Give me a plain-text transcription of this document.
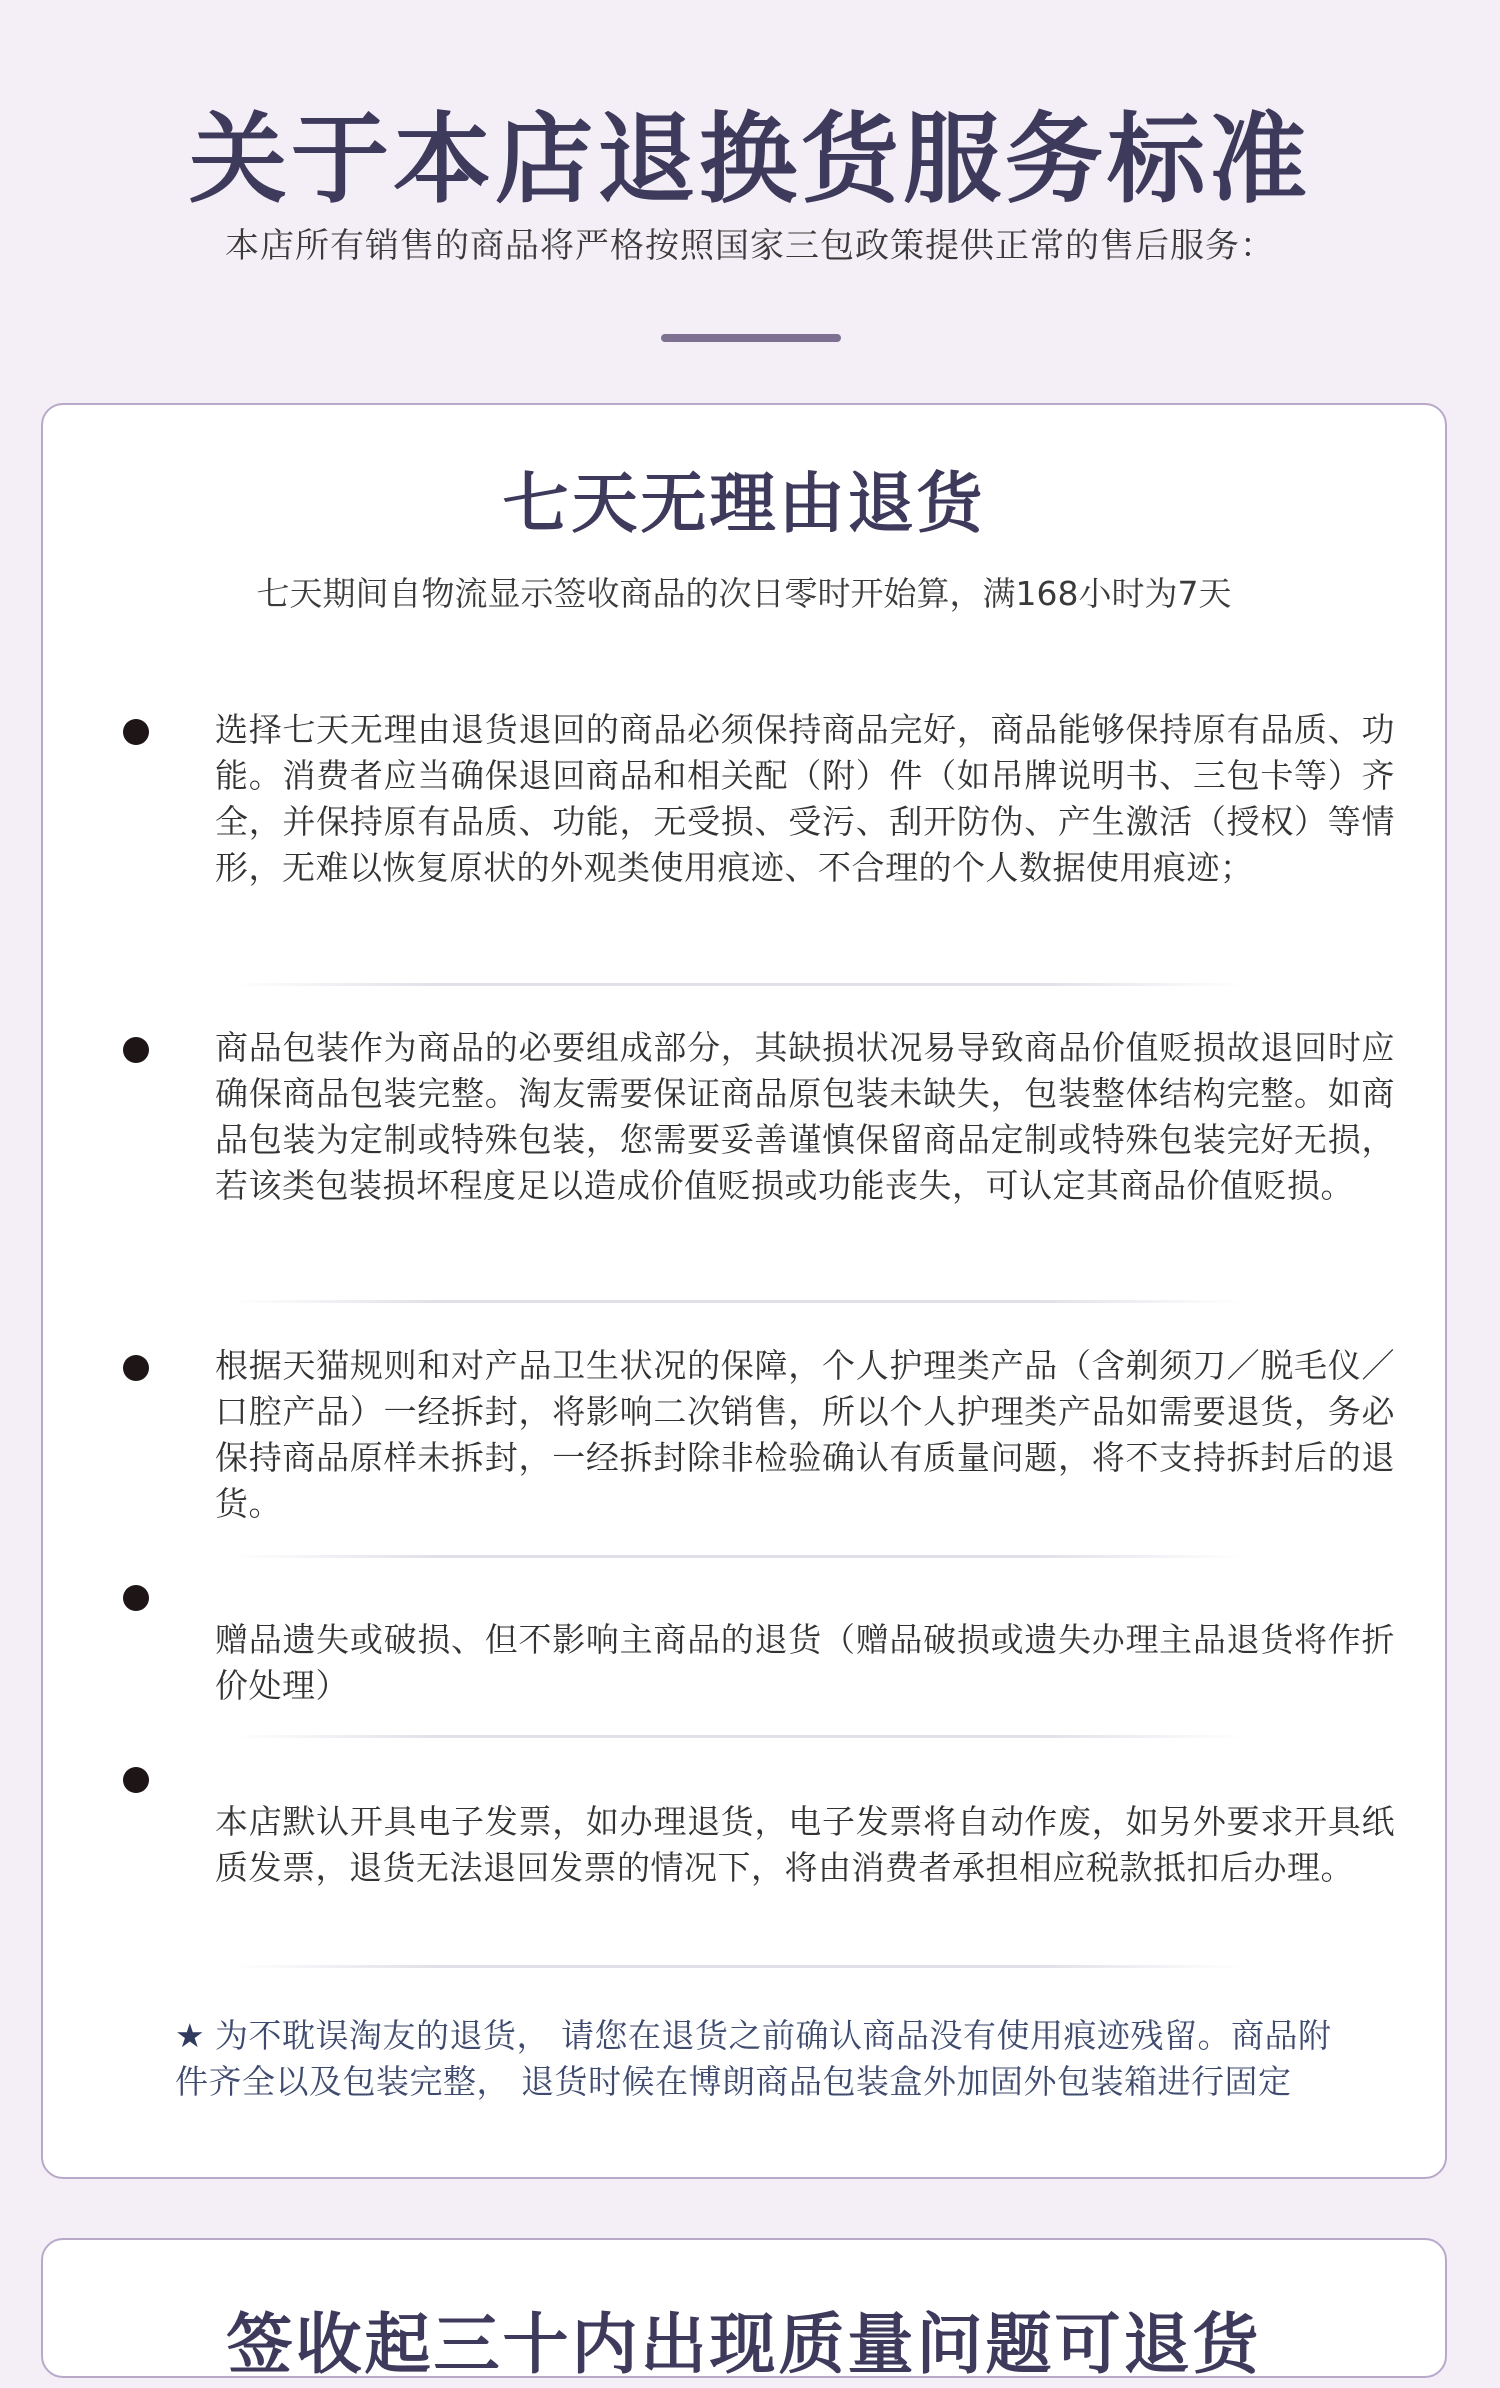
关于本店退换货服务标准
本店所有销售的商品将严格按照国家三包政策提供正常的售后服务：
七天无理由退货
七天期间自物流显示签收商品的次日零时开始算，满168小时为7天
选择七天无理由退货退回的商品必须保持商品完好，商品能够保持原有品质、功能。消费者应当确保退回商品和相关配（附）件（如吊牌说明书、三包卡等）齐全，并保持原有品质、功能，无受损、受污、刮开防伪、产生激活（授权）等情形，无难以恢复原状的外观类使用痕迹、不合理的个人数据使用痕迹；
商品包装作为商品的必要组成部分，其缺损状况易导致商品价值贬损故退回时应确保商品包装完整。淘友需要保证商品原包装未缺失，包装整体结构完整。如商品包装为定制或特殊包装，您需要妥善谨慎保留商品定制或特殊包装完好无损，若该类包装损坏程度足以造成价值贬损或功能丧失，可认定其商品价值贬损。
根据天猫规则和对产品卫生状况的保障，个人护理类产品（含剃须刀／脱毛仪／口腔产品）一经拆封，将影响二次销售，所以个人护理类产品如需要退货，务必保持商品原样未拆封，一经拆封除非检验确认有质量问题，将不支持拆封后的退货。
赠品遗失或破损、但不影响主商品的退货（赠品破损或遗失办理主品退货将作折价处理）
本店默认开具电子发票，如办理退货，电子发票将自动作废，如另外要求开具纸质发票，退货无法退回发票的情况下，将由消费者承担相应税款抵扣后办理。
★ 为不耽误淘友的退货， 请您在退货之前确认商品没有使用痕迹残留。商品附件齐全以及包装完整， 退货时候在博朗商品包装盒外加固外包装箱进行固定
签收起三十内出现质量问题可退货
